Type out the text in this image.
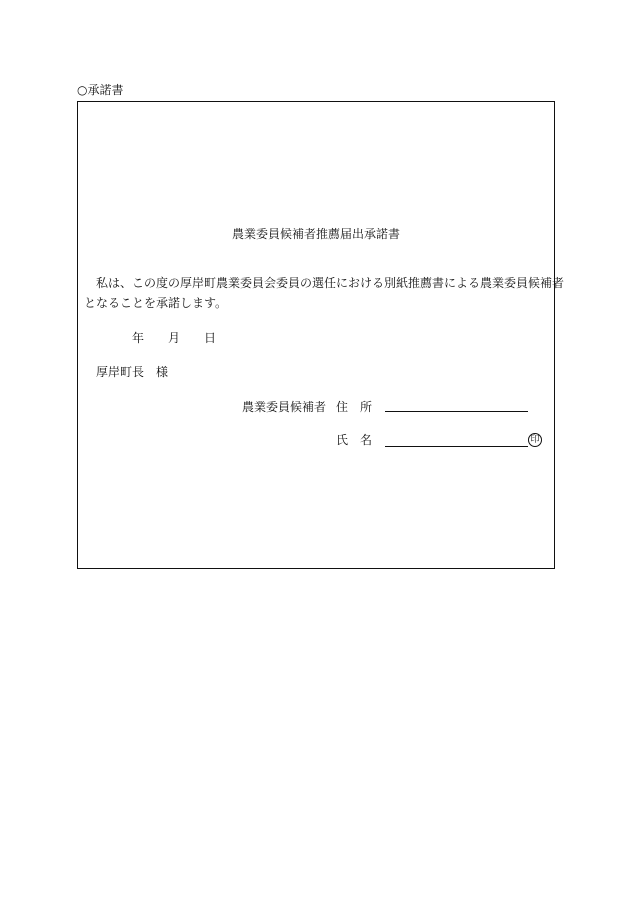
○承諾書
農業委員候補者推薦届出承諾書
　私は、この度の厚岸町農業委員会委員の選任における別紙推薦書による農業委員候補者
となることを承諾します。
年 月 日
厚岸町長　様
農業委員候補者 住　所
氏　名	印
